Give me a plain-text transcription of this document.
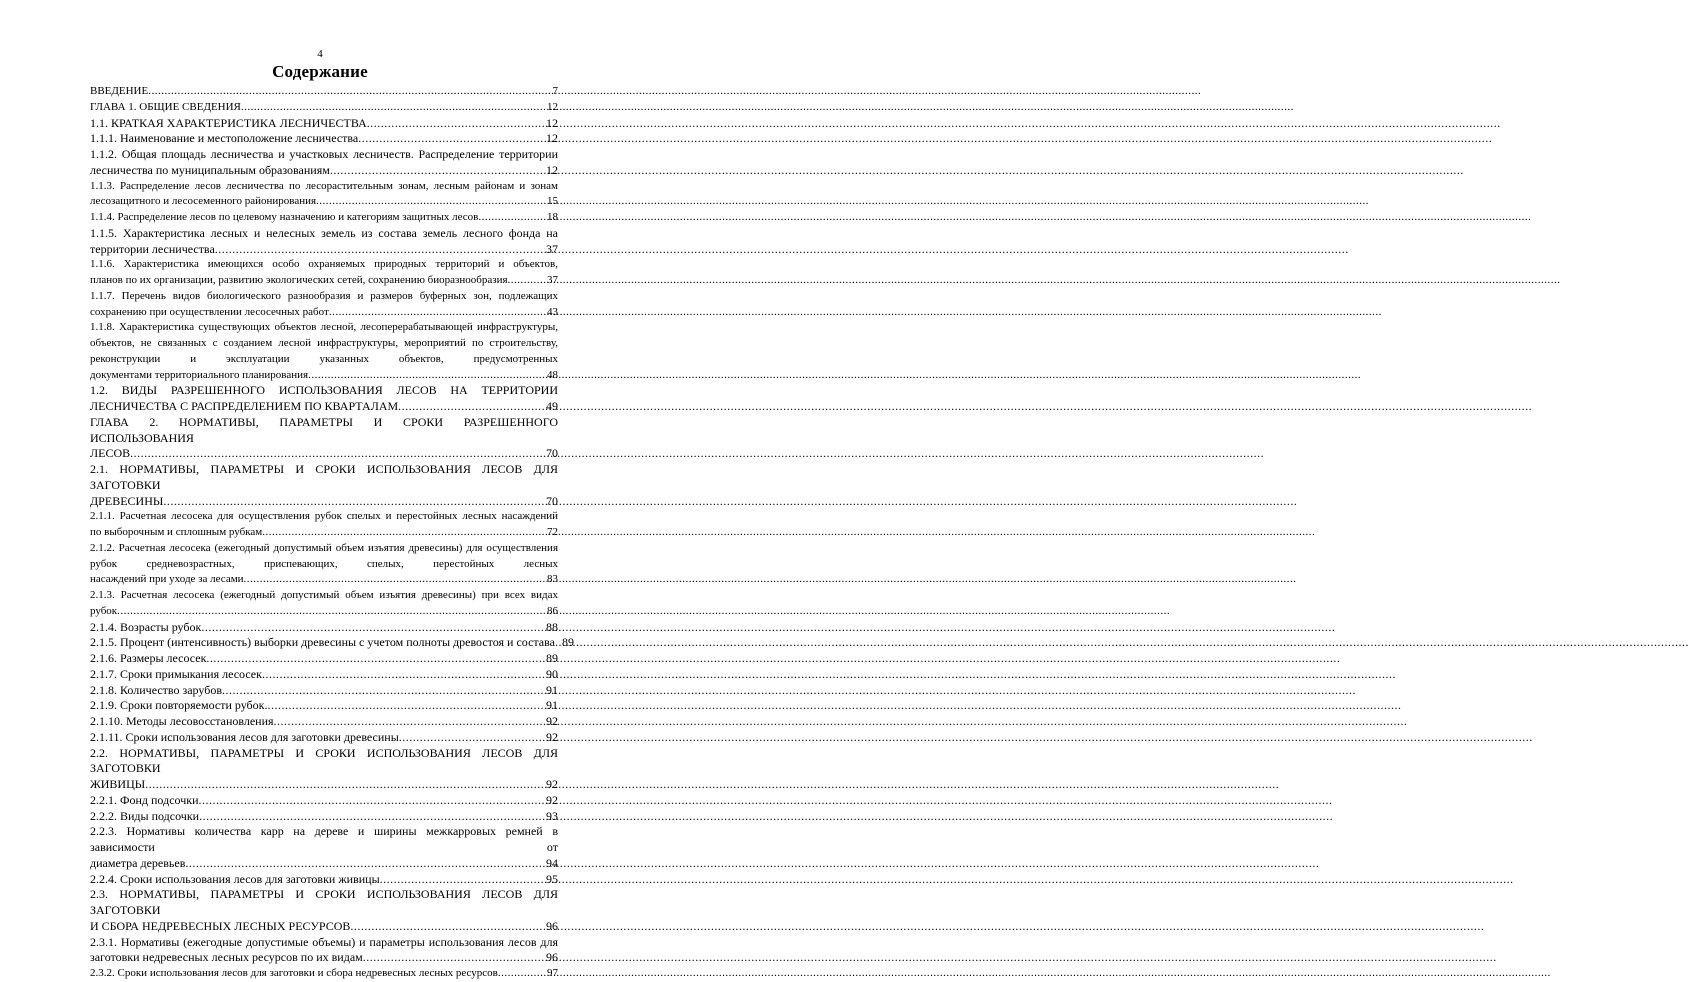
4
Содержание
ВВЕДЕНИЕ .....	7
ГЛАВА 1. ОБЩИЕ СВЕДЕНИЯ .....	12
1.1. КРАТКАЯ ХАРАКТЕРИСТИКА ЛЕСНИЧЕСТВА .....	12
1.1.1. Наименование и местоположение лесничества .....	12
1.1.2. Общая площадь лесничества и участковых лесничеств. Распределение территории
лесничества по муниципальным образованиям .....	12
1.1.3. Распределение лесов лесничества по лесорастительным зонам, лесным районам и зонам
лесозащитного и лесосеменного районирования .....	15
1.1.4. Распределение лесов по целевому назначению и категориям защитных лесов .....	18
1.1.5. Характеристика лесных и нелесных земель из состава земель лесного фонда на
территории лесничества .....	37
1.1.6. Характеристика имеющихся особо охраняемых природных территорий и объектов,
планов по их организации, развитию экологических сетей, сохранению биоразнообразия .....	37
1.1.7. Перечень видов биологического разнообразия и размеров буферных зон, подлежащих
сохранению при осуществлении лесосечных работ .....	43
1.1.8. Характеристика существующих объектов лесной, лесоперерабатывающей инфраструктуры, объектов, не связанных с созданием лесной инфраструктуры, мероприятий по строительству, реконструкции и эксплуатации указанных объектов, предусмотренных
документами территориального планирования .....	48
1.2. ВИДЫ РАЗРЕШЕННОГО ИСПОЛЬЗОВАНИЯ ЛЕСОВ НА ТЕРРИТОРИИ
ЛЕСНИЧЕСТВА С РАСПРЕДЕЛЕНИЕМ ПО КВАРТАЛАМ .....	49
ГЛАВА 2. НОРМАТИВЫ, ПАРАМЕТРЫ И СРОКИ РАЗРЕШЕННОГО ИСПОЛЬЗОВАНИЯ
ЛЕСОВ .....	70
2.1. НОРМАТИВЫ, ПАРАМЕТРЫ И СРОКИ ИСПОЛЬЗОВАНИЯ ЛЕСОВ ДЛЯ ЗАГОТОВКИ
ДРЕВЕСИНЫ .....	70
2.1.1. Расчетная лесосека для осуществления рубок спелых и перестойных лесных насаждений
по выборочным и сплошным рубкам .....	72
2.1.2. Расчетная лесосека (ежегодный допустимый объем изъятия древесины) для осуществления рубок средневозрастных, приспевающих, спелых, перестойных лесных
насаждений при уходе за лесами .....	83
2.1.3. Расчетная лесосека (ежегодный допустимый объем изъятия древесины) при всех видах
рубок .....	86
2.1.4. Возрасты рубок .....	88
2.1.5. Процент (интенсивность) выборки древесины с учетом полноты древостоя и состава ..... 89
2.1.6. Размеры лесосек .....	89
2.1.7. Сроки примыкания лесосек .....	90
2.1.8. Количество зарубов .....	91
2.1.9. Сроки повторяемости рубок. .....	91
2.1.10. Методы лесовосстановления .....	92
2.1.11. Сроки использования лесов для заготовки древесины .....	92
2.2. НОРМАТИВЫ, ПАРАМЕТРЫ И СРОКИ ИСПОЛЬЗОВАНИЯ ЛЕСОВ ДЛЯ ЗАГОТОВКИ
ЖИВИЦЫ .....	92
2.2.1. Фонд подсочки .....	92
2.2.2. Виды подсочки .....	93
2.2.3. Нормативы количества карр на дереве и ширины межкарровых ремней в зависимости от
диаметра деревьев .....	94
2.2.4. Сроки использования лесов для заготовки живицы .....	95
2.3. НОРМАТИВЫ, ПАРАМЕТРЫ И СРОКИ ИСПОЛЬЗОВАНИЯ ЛЕСОВ ДЛЯ ЗАГОТОВКИ
И СБОРА НЕДРЕВЕСНЫХ ЛЕСНЫХ РЕСУРСОВ .....	96
2.3.1. Нормативы (ежегодные допустимые объемы) и параметры использования лесов для
заготовки недревесных лесных ресурсов по их видам .....	96
2.3.2. Сроки использования лесов для заготовки и сбора недревесных лесных ресурсов .....	97
